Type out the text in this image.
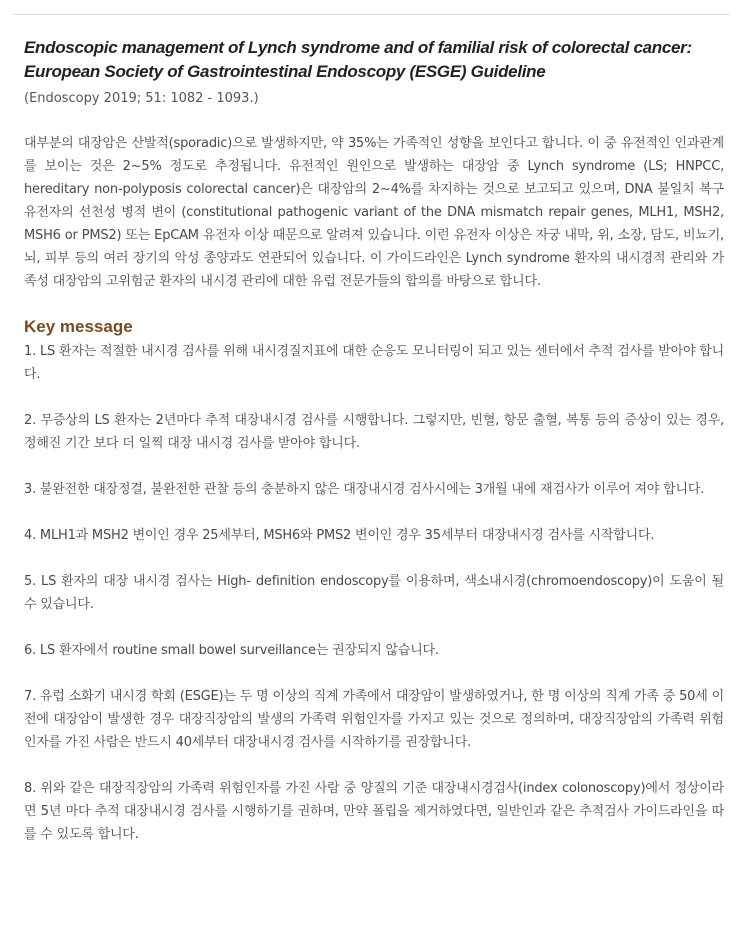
Endoscopic management of Lynch syndrome and of familial risk of colorectal cancer: European Society of Gastrointestinal Endoscopy (ESGE) Guideline
(Endoscopy 2019; 51: 1082 - 1093.)

대부분의 대장암은 산발적(sporadic)으로 발생하지만, 약 35%는 가족적인 성향을 보인다고 합니다. 이 중 유전적인 인과관계를 보이는 것은 2~5% 정도로 추정됩니다. 유전적인 원인으로 발생하는 대장암 중 Lynch syndrome (LS; HNPCC, hereditary non-polyposis colorectal cancer)은 대장암의 2~4%를 차지하는 것으로 보고되고 있으며, DNA 불일치 복구 유전자의 선천성 병적 변이 (constitutional pathogenic variant of the DNA mismatch repair genes, MLH1, MSH2, MSH6 or PMS2) 또는 EpCAM 유전자 이상 때문으로 알려져 있습니다. 이런 유전자 이상은 자궁 내막, 위, 소장, 담도, 비뇨기, 뇌, 피부 등의 여러 장기의 악성 종양과도 연관되어 있습니다. 이 가이드라인은 Lynch syndrome 환자의 내시경적 관리와 가족성 대장암의 고위험군 환자의 내시경 관리에 대한 유럽 전문가들의 합의를 바탕으로 합니다.

Key message
1. LS 환자는 적절한 내시경 검사를 위해 내시경질지표에 대한 순응도 모니터링이 되고 있는 센터에서 추적 검사를 받아야 합니다.
2. 무증상의 LS 환자는 2년마다 추적 대장내시경 검사를 시행합니다. 그렇지만, 빈혈, 항문 출혈, 복통 등의 증상이 있는 경우, 정해진 기간 보다 더 일찍 대장 내시경 검사를 받아야 합니다.
3. 불완전한 대장정결, 불완전한 관찰 등의 충분하지 않은 대장내시경 검사시에는 3개월 내에 재검사가 이루어 져야 합니다.
4. MLH1과 MSH2 변이인 경우 25세부터, MSH6와 PMS2 변이인 경우 35세부터 대장내시경 검사를 시작합니다.
5. LS 환자의 대장 내시경 검사는 High- definition endoscopy를 이용하며, 색소내시경(chromoendoscopy)이 도움이 될 수 있습니다.
6. LS 환자에서 routine small bowel surveillance는 권장되지 않습니다.
7. 유럽 소화기 내시경 학회 (ESGE)는 두 명 이상의 직계 가족에서 대장암이 발생하였거나, 한 명 이상의 직계 가족 중 50세 이전에 대장암이 발생한 경우 대장직장암의 발생의 가족력 위험인자를 가지고 있는 것으로 정의하며, 대장직장암의 가족력 위험인자를 가진 사람은 반드시 40세부터 대장내시경 검사를 시작하기를 권장합니다.
8. 위와 같은 대장직장암의 가족력 위험인자를 가진 사람 중 양질의 기준 대장내시경검사(index colonoscopy)에서 정상이라면 5년 마다 추적 대장내시경 검사를 시행하기를 권하며, 만약 폴립을 제거하였다면, 일반인과 같은 추적검사 가이드라인을 따를 수 있도록 합니다.
